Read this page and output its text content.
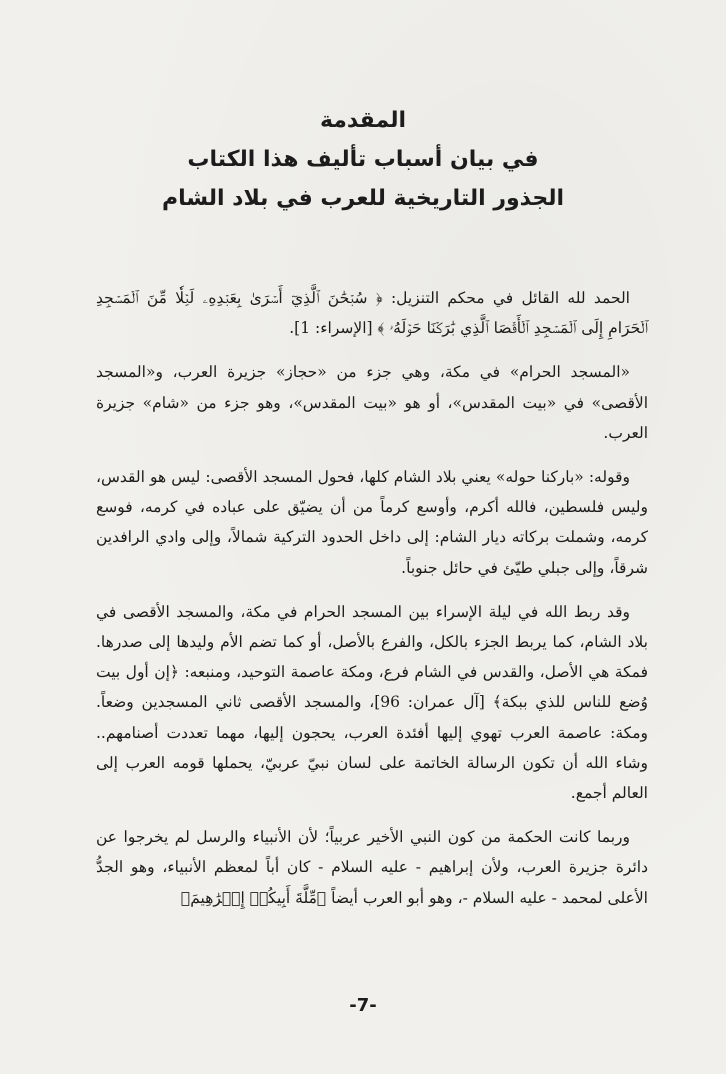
المقدمة
في بيان أسباب تأليف هذا الكتاب
الجذور التاريخية للعرب في بلاد الشام

الحمد لله القائل في محكم التنزيل: ﴿ سُبۡحَٰنَ ٱلَّذِيٓ أَسۡرَىٰ بِعَبۡدِهِۦ لَيۡلٗا مِّنَ ٱلۡمَسۡجِدِ ٱلۡحَرَامِ إِلَى ٱلۡمَسۡجِدِ ٱلۡأَقۡصَا ٱلَّذِي بَٰرَكۡنَا حَوۡلَهُۥ ﴾ [الإسراء: 1].

«المسجد الحرام» في مكة، وهي جزء من «حجاز» جزيرة العرب، و«المسجد الأقصى» في «بيت المقدس»، أو هو «بيت المقدس»، وهو جزء من «شام» جزيرة العرب.

وقوله: «باركنا حوله» يعني بلاد الشام كلها، فحول المسجد الأقصى: ليس هو القدس، وليس فلسطين، فالله أكرم، وأوسع كرماً من أن يضيّق على عباده في كرمه، فوسع كرمه، وشملت بركاته ديار الشام: إلى داخل الحدود التركية شمالاً، وإلى وادي الرافدين شرقاً، وإلى جبلي طيّئ في حائل جنوباً.

وقد ربط الله في ليلة الإسراء بين المسجد الحرام في مكة، والمسجد الأقصى في بلاد الشام، كما يربط الجزء بالكل، والفرع بالأصل، أو كما تضم الأم وليدها إلى صدرها. فمكة هي الأصل، والقدس في الشام فرع، ومكة عاصمة التوحيد، ومنبعه: ﴿إن أول بيت وُضع للناس للذي ببكة﴾ [آل عمران: 96]، والمسجد الأقصى ثاني المسجدين وضعاً. ومكة: عاصمة العرب تهوي إليها أفئدة العرب، يحجون إليها، مهما تعددت أصنامهم.. وشاء الله أن تكون الرسالة الخاتمة على لسان نبيّ عربيّ، يحملها قومه العرب إلى العالم أجمع.

وربما كانت الحكمة من كون النبي الأخير عربياً؛ لأن الأنبياء والرسل لم يخرجوا عن دائرة جزيرة العرب، ولأن إبراهيم - عليه السلام - كان أباً لمعظم الأنبياء، وهو الجدُّ الأعلى لمحمد - عليه السلام -، وهو أبو العرب أيضاً ﴿مِّلَّةَ أَبِيكُمۡ إِبۡرَٰهِيمَ﴾

-7-
